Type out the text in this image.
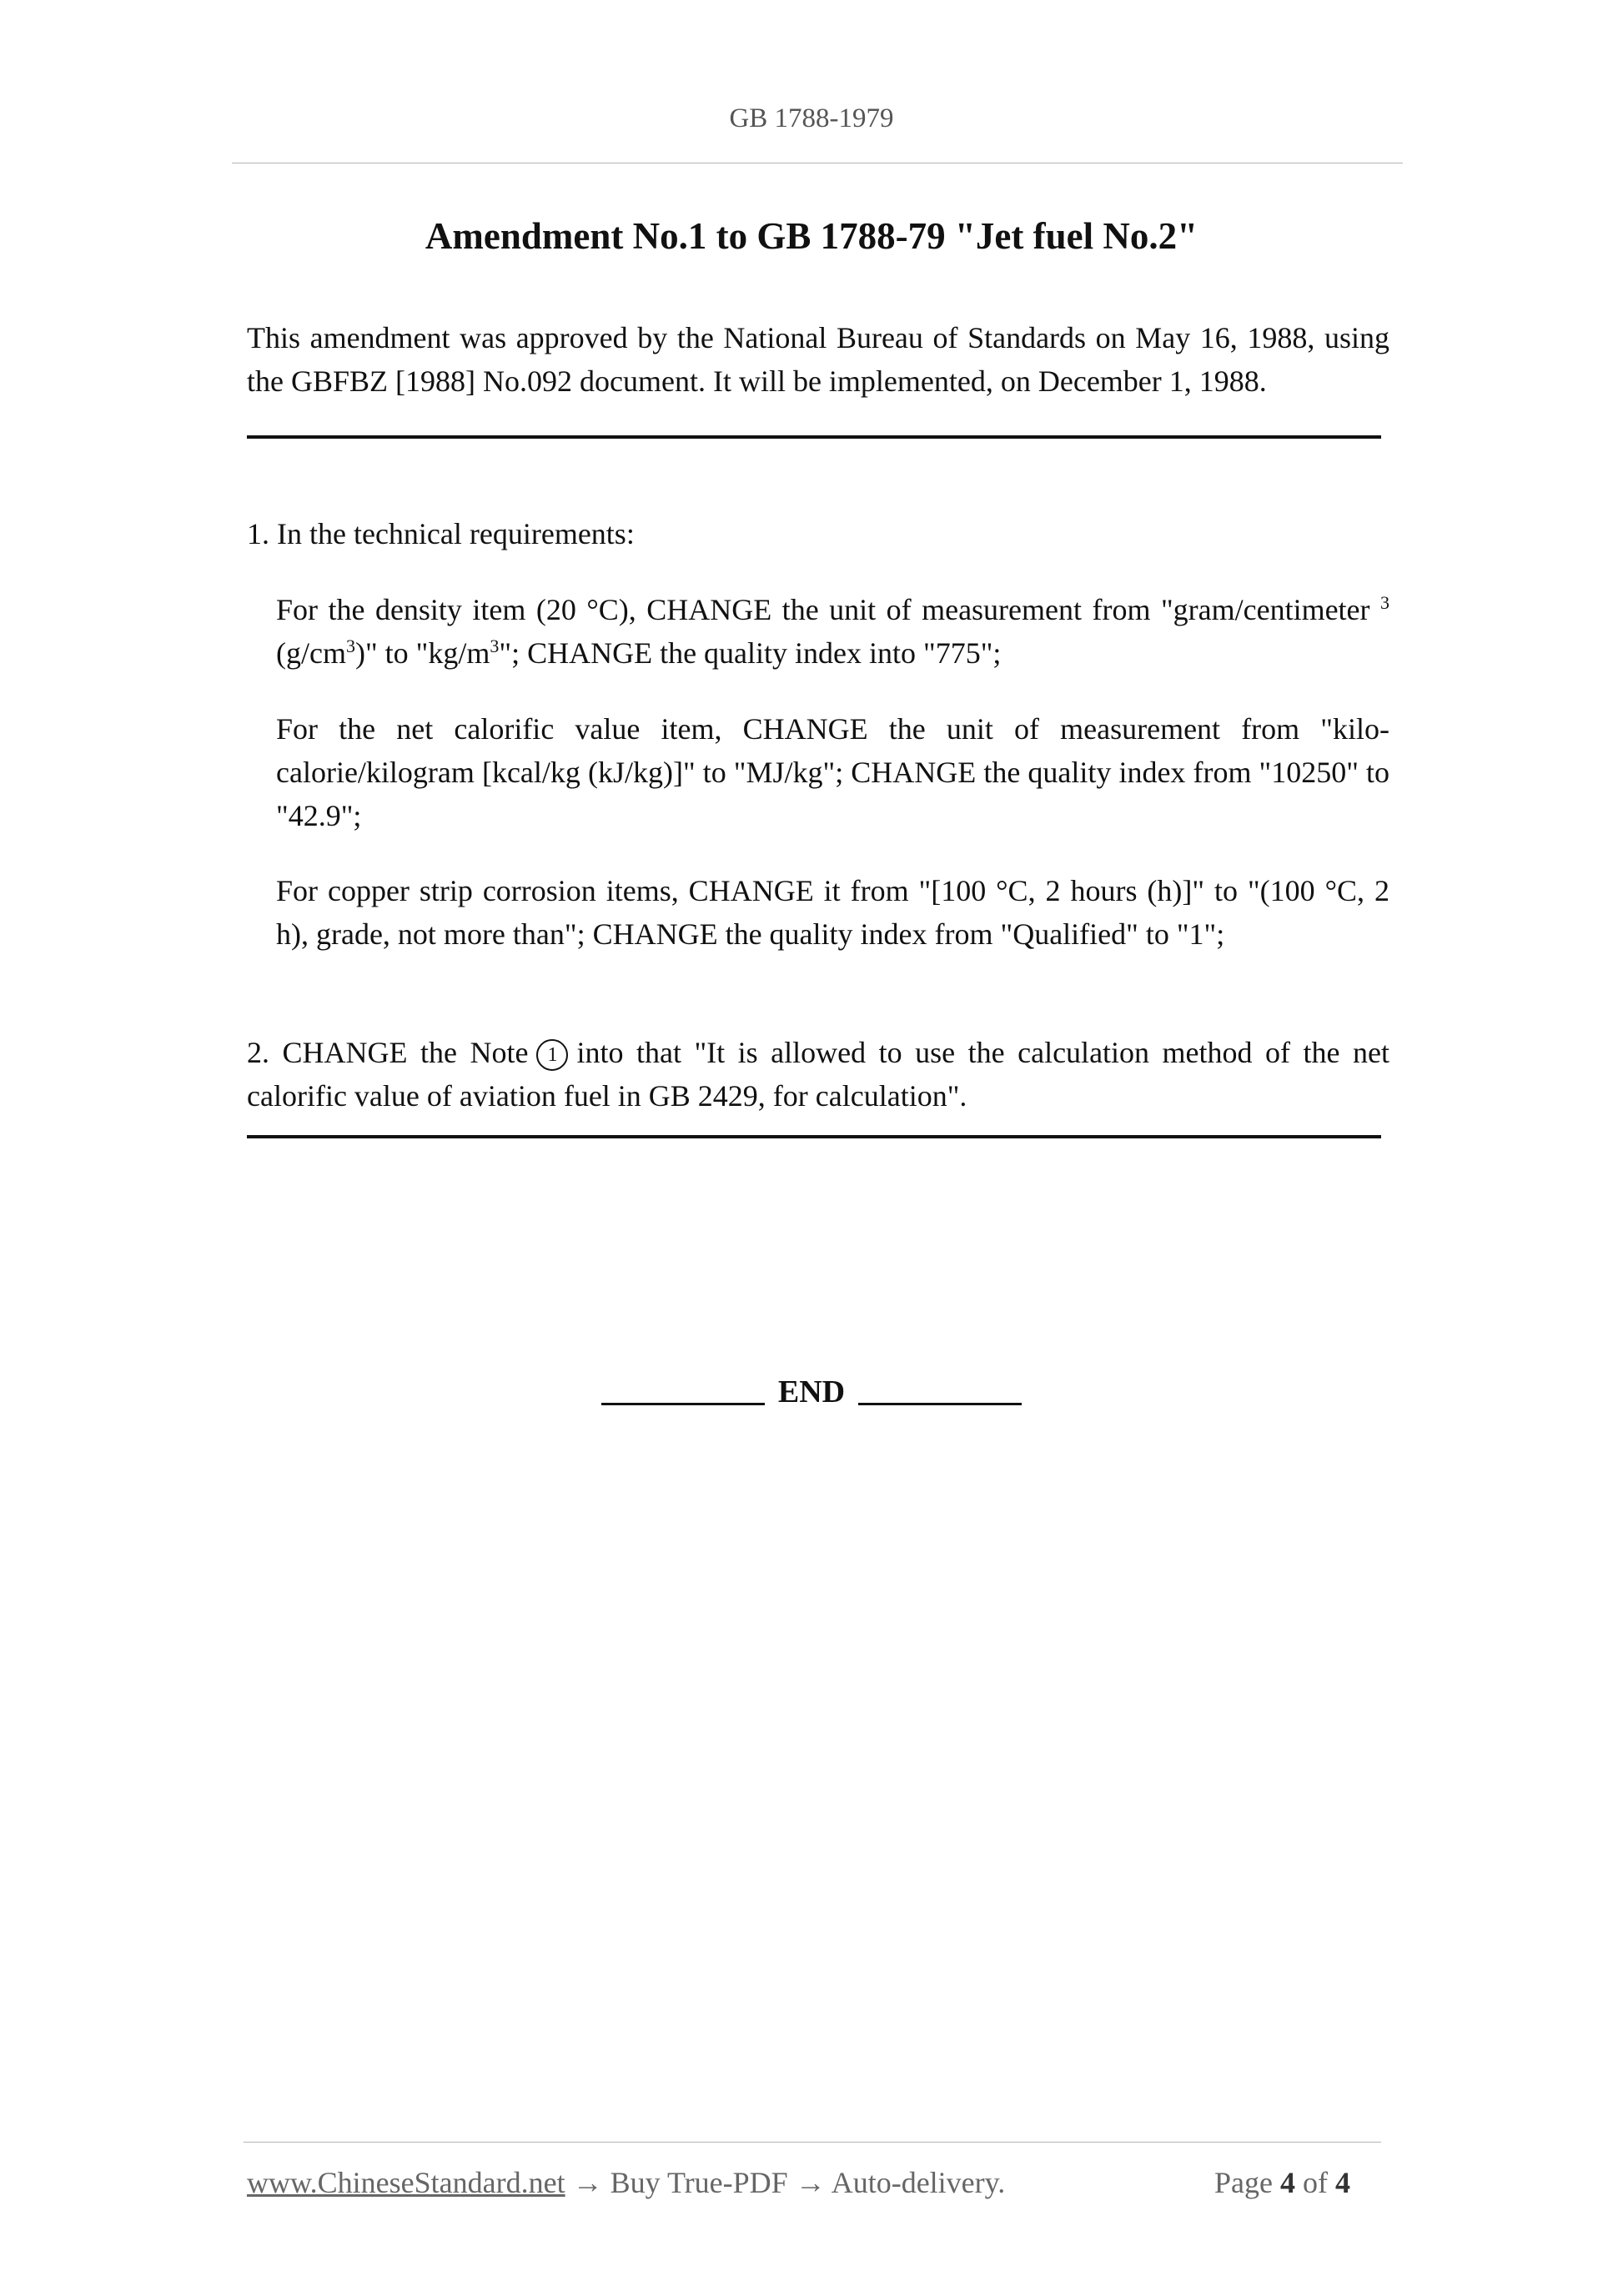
GB 1788-1979
Amendment No.1 to GB 1788-79 "Jet fuel No.2"
This amendment was approved by the National Bureau of Standards on May 16, 1988, using the GBFBZ [1988] No.092 document. It will be implemented, on December 1, 1988.
1. In the technical requirements:
For the density item (20 °C), CHANGE the unit of measurement from "gram/centimeter $^3$ $(g/cm^3)$" to "$kg/m^3$"; CHANGE the quality index into "775";
For the net calorific value item, CHANGE the unit of measurement from "kilo-calorie/kilogram [kcal/kg (kJ/kg)]" to "MJ/kg"; CHANGE the quality index from "10250" to "42.9";
For copper strip corrosion items, CHANGE it from "[100 °C, 2 hours (h)]" to "(100 °C, 2 h), grade, not more than"; CHANGE the quality index from "Qualified" to "1";
2. CHANGE the Note 1 into that "It is allowed to use the calculation method of the net calorific value of aviation fuel in GB 2429, for calculation".
END
www.ChineseStandard.net → Buy True-PDF → Auto-delivery.	Page 4 of 4
